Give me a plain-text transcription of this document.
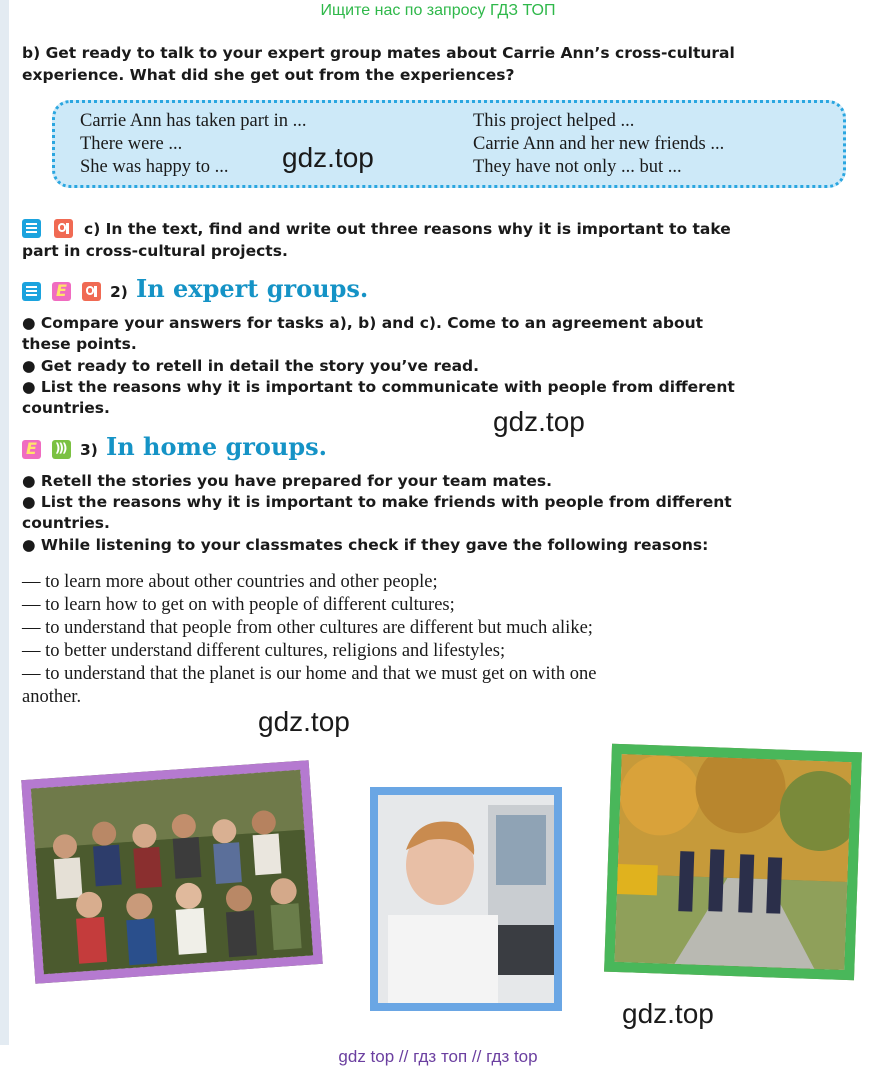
Ищите нас по запросу ГДЗ ТОП
b) Get ready to talk to your expert group mates about Carrie Ann’s cross-cultural
experience. What did she get out from the experiences?
Carrie Ann has taken part in ...
There were ...
She was happy to ...
This project helped ...
Carrie Ann and her new friends ...
They have not only ... but ...
gdz.top
c) In the text, find and write out three reasons why it is important to take
part in cross-cultural projects.
E
2) In expert groups.
● Compare your answers for tasks a), b) and c). Come to an agreement about
these points.
● Get ready to retell in detail the story you’ve read.
● List the reasons why it is important to communicate with people from different
countries.	gdz.top
E
)))
3) In home groups.
● Retell the stories you have prepared for your team mates.
● List the reasons why it is important to make friends with people from different
countries.
● While listening to your classmates check if they gave the following reasons:
— to learn more about other countries and other people;
— to learn how to get on with people of different cultures;
— to understand that people from other cultures are different but much alike;
— to better understand different cultures, religions and lifestyles;
— to understand that the planet is our home and that we must get on with one
another.
gdz.top
gdz.top
gdz top // гдз топ // гдз top
